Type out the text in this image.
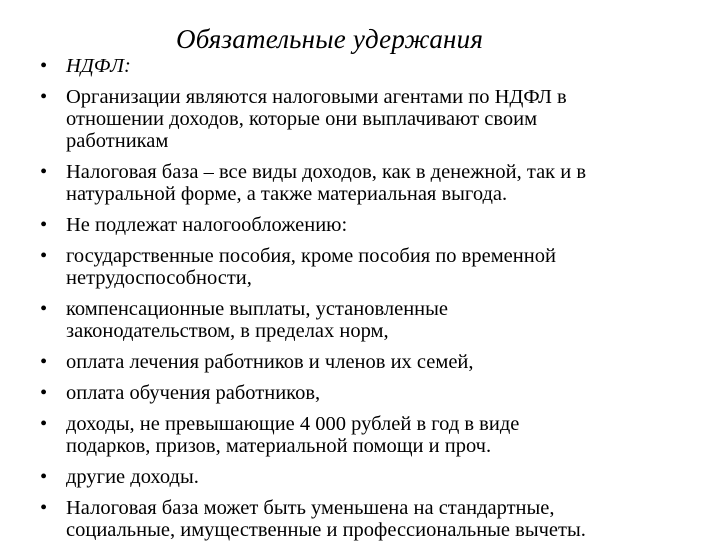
Обязательные удержания
• НДФЛ:
• Организации являются налоговыми агентами по НДФЛ в
отношении доходов, которые они выплачивают своим
работникам
• Налоговая база – все виды доходов, как в денежной, так и в
натуральной форме, а также материальная выгода.
• Не подлежат налогообложению:
• государственные пособия, кроме пособия по временной
нетрудоспособности,
• компенсационные выплаты, установленные
законодательством, в пределах норм,
• оплата лечения работников и членов их семей,
• оплата обучения работников,
• доходы, не превышающие 4 000 рублей в год в виде
подарков, призов, материальной помощи и проч.
• другие доходы.
• Налоговая база может быть уменьшена на стандартные,
социальные, имущественные и профессиональные вычеты.
